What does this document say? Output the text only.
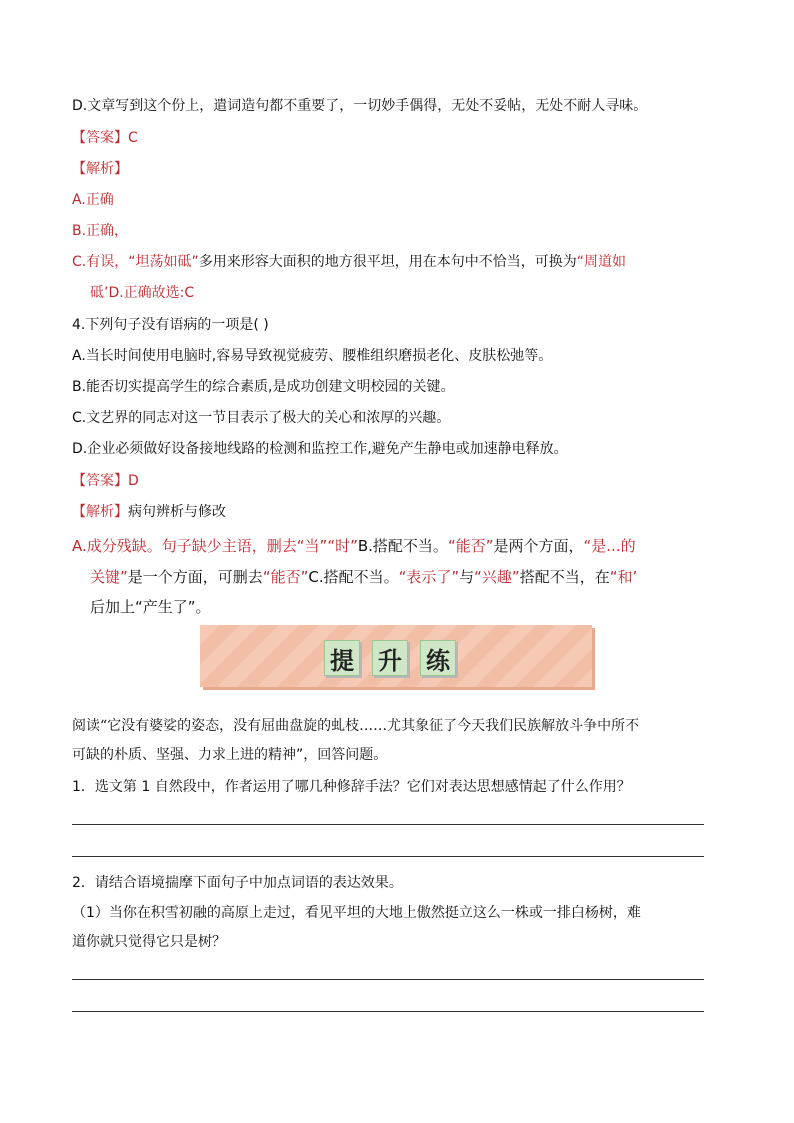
D.文章写到这个份上，遣词造句都不重要了，一切妙手偶得，无处不妥帖，无处不耐人寻味。
【答案】C
【解析】
A.正确
B.正确，
C.有误，“坦荡如砥”多用来形容大面积的地方很平坦，用在本句中不恰当，可换为“周道如
砥’D.正确故选:C
4.下列句子没有语病的一项是( )
A.当长时间使用电脑时,容易导致视觉疲劳、腰椎组织磨损老化、皮肤松弛等。
B.能否切实提高学生的综合素质,是成功创建文明校园的关键。
C.文艺界的同志对这一节目表示了极大的关心和浓厚的兴趣。
D.企业必须做好设备接地线路的检测和监控工作,避免产生静电或加速静电释放。
【答案】D
【解析】病句辨析与修改
A.成分残缺。句子缺少主语，删去“当”“时”B.搭配不当。“能否”是两个方面，“是...的
关键”是一个方面，可删去“能否”C.搭配不当。“表示了”与“兴趣”搭配不当，在“和’
后加上“产生了”。
提 升 练
阅读“它没有婆娑的姿态，没有屈曲盘旋的虬枝……尤其象征了今天我们民族解放斗争中所不
可缺的朴质、坚强、力求上进的精神”，回答问题。
1．选文第 1 自然段中，作者运用了哪几种修辞手法？它们对表达思想感情起了什么作用？
2．请结合语境揣摩下面句子中加点词语的表达效果。
（1）当你在积雪初融的高原上走过，看见平坦的大地上傲然挺立这么一株或一排白杨树，难
道你就只觉得它只是树？
